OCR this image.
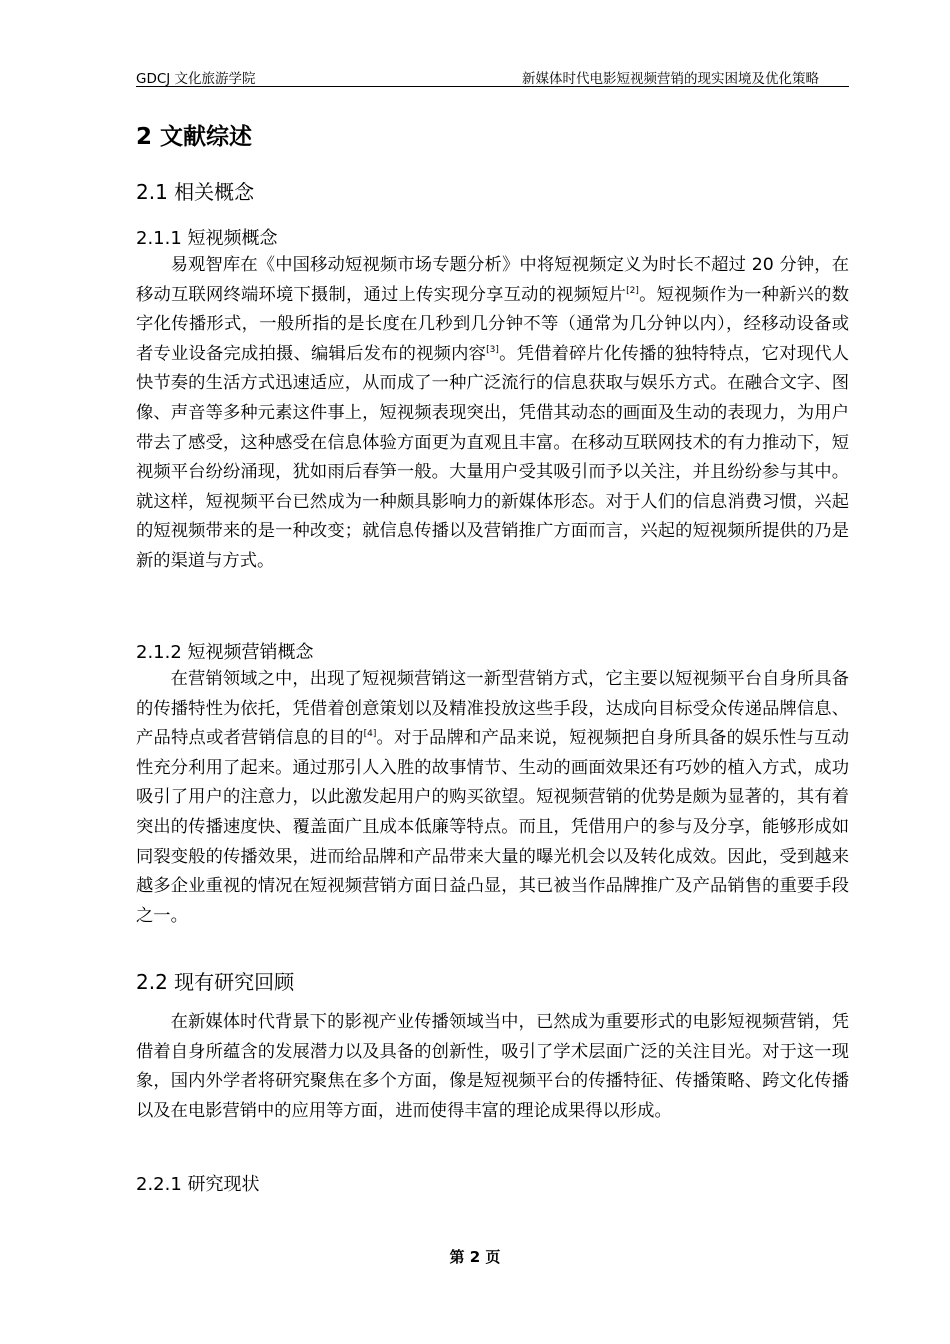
GDCJ 文化旅游学院	新媒体时代电影短视频营销的现实困境及优化策略
2 文献综述
2.1 相关概念
2.1.1 短视频概念

易观智库在《中国移动短视频市场专题分析》中将短视频定义为时长不超过 20 分钟，在移动互联网终端环境下摄制，通过上传实现分享互动的视频短片[2]。短视频作为一种新兴的数字化传播形式，一般所指的是长度在几秒到几分钟不等（通常为几分钟以内），经移动设备或者专业设备完成拍摄、编辑后发布的视频内容[3]。凭借着碎片化传播的独特特点，它对现代人快节奏的生活方式迅速适应，从而成了一种广泛流行的信息获取与娱乐方式。在融合文字、图像、声音等多种元素这件事上，短视频表现突出，凭借其动态的画面及生动的表现力，为用户带去了感受，这种感受在信息体验方面更为直观且丰富。在移动互联网技术的有力推动下，短视频平台纷纷涌现，犹如雨后春笋一般。大量用户受其吸引而予以关注，并且纷纷参与其中。就这样，短视频平台已然成为一种颇具影响力的新媒体形态。对于人们的信息消费习惯，兴起的短视频带来的是一种改变；就信息传播以及营销推广方面而言，兴起的短视频所提供的乃是新的渠道与方式。

2.1.2 短视频营销概念

在营销领域之中，出现了短视频营销这一新型营销方式，它主要以短视频平台自身所具备的传播特性为依托，凭借着创意策划以及精准投放这些手段，达成向目标受众传递品牌信息、产品特点或者营销信息的目的[4]。对于品牌和产品来说，短视频把自身所具备的娱乐性与互动性充分利用了起来。通过那引人入胜的故事情节、生动的画面效果还有巧妙的植入方式，成功吸引了用户的注意力，以此激发起用户的购买欲望。短视频营销的优势是颇为显著的，其有着突出的传播速度快、覆盖面广且成本低廉等特点。而且，凭借用户的参与及分享，能够形成如同裂变般的传播效果，进而给品牌和产品带来大量的曝光机会以及转化成效。因此，受到越来越多企业重视的情况在短视频营销方面日益凸显，其已被当作品牌推广及产品销售的重要手段之一。

2.2 现有研究回顾

在新媒体时代背景下的影视产业传播领域当中，已然成为重要形式的电影短视频营销，凭借着自身所蕴含的发展潜力以及具备的创新性，吸引了学术层面广泛的关注目光。对于这一现象，国内外学者将研究聚焦在多个方面，像是短视频平台的传播特征、传播策略、跨文化传播以及在电影营销中的应用等方面，进而使得丰富的理论成果得以形成。

2.2.1 研究现状
第 2 页
